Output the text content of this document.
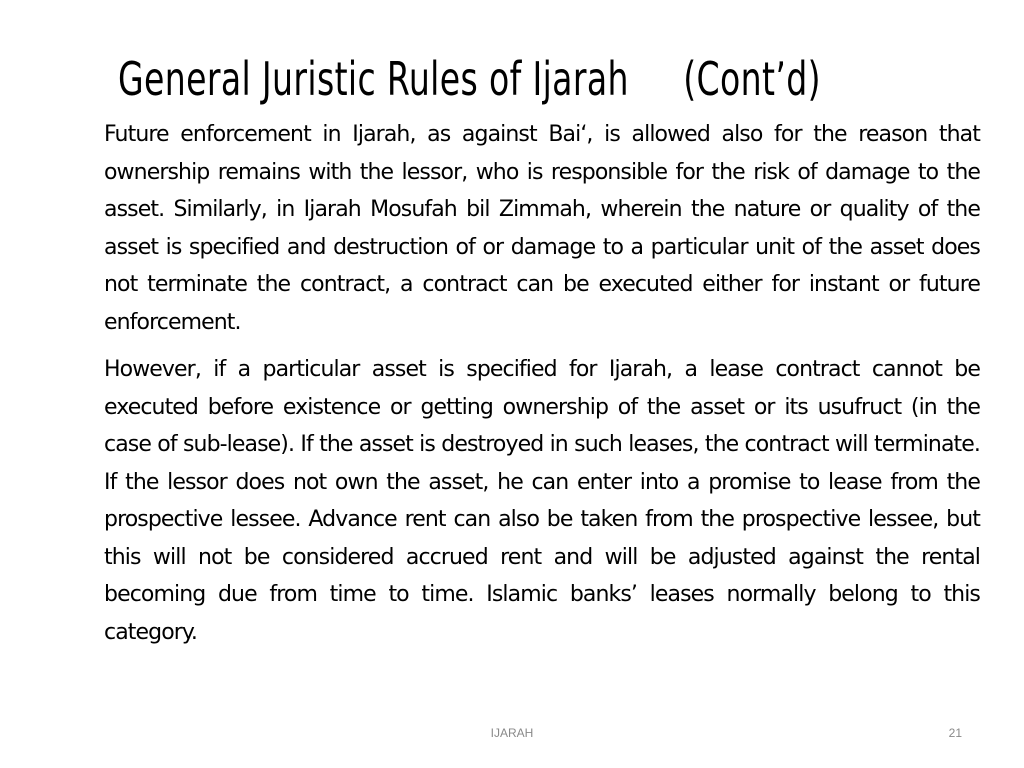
General Juristic Rules of Ijarah     (Cont’d)

Future enforcement in Ijarah, as against Bai‘, is allowed also for the reason that ownership remains with the lessor, who is responsible for the risk of damage to the asset. Similarly, in Ijarah Mosufah bil Zimmah, wherein the nature or quality of the asset is specified and destruction of or damage to a particular unit of the asset does not terminate the contract, a contract can be executed either for instant or future enforcement.

However, if a particular asset is specified for Ijarah, a lease contract cannot be executed before existence or getting ownership of the asset or its usufruct (in the case of sub-lease). If the asset is destroyed in such leases, the contract will terminate. If the lessor does not own the asset, he can enter into a promise to lease from the prospective lessee. Advance rent can also be taken from the prospective lessee, but this will not be considered accrued rent and will be adjusted against the rental becoming due from time to time. Islamic banks’ leases normally belong to this category.

IJARAH	21
